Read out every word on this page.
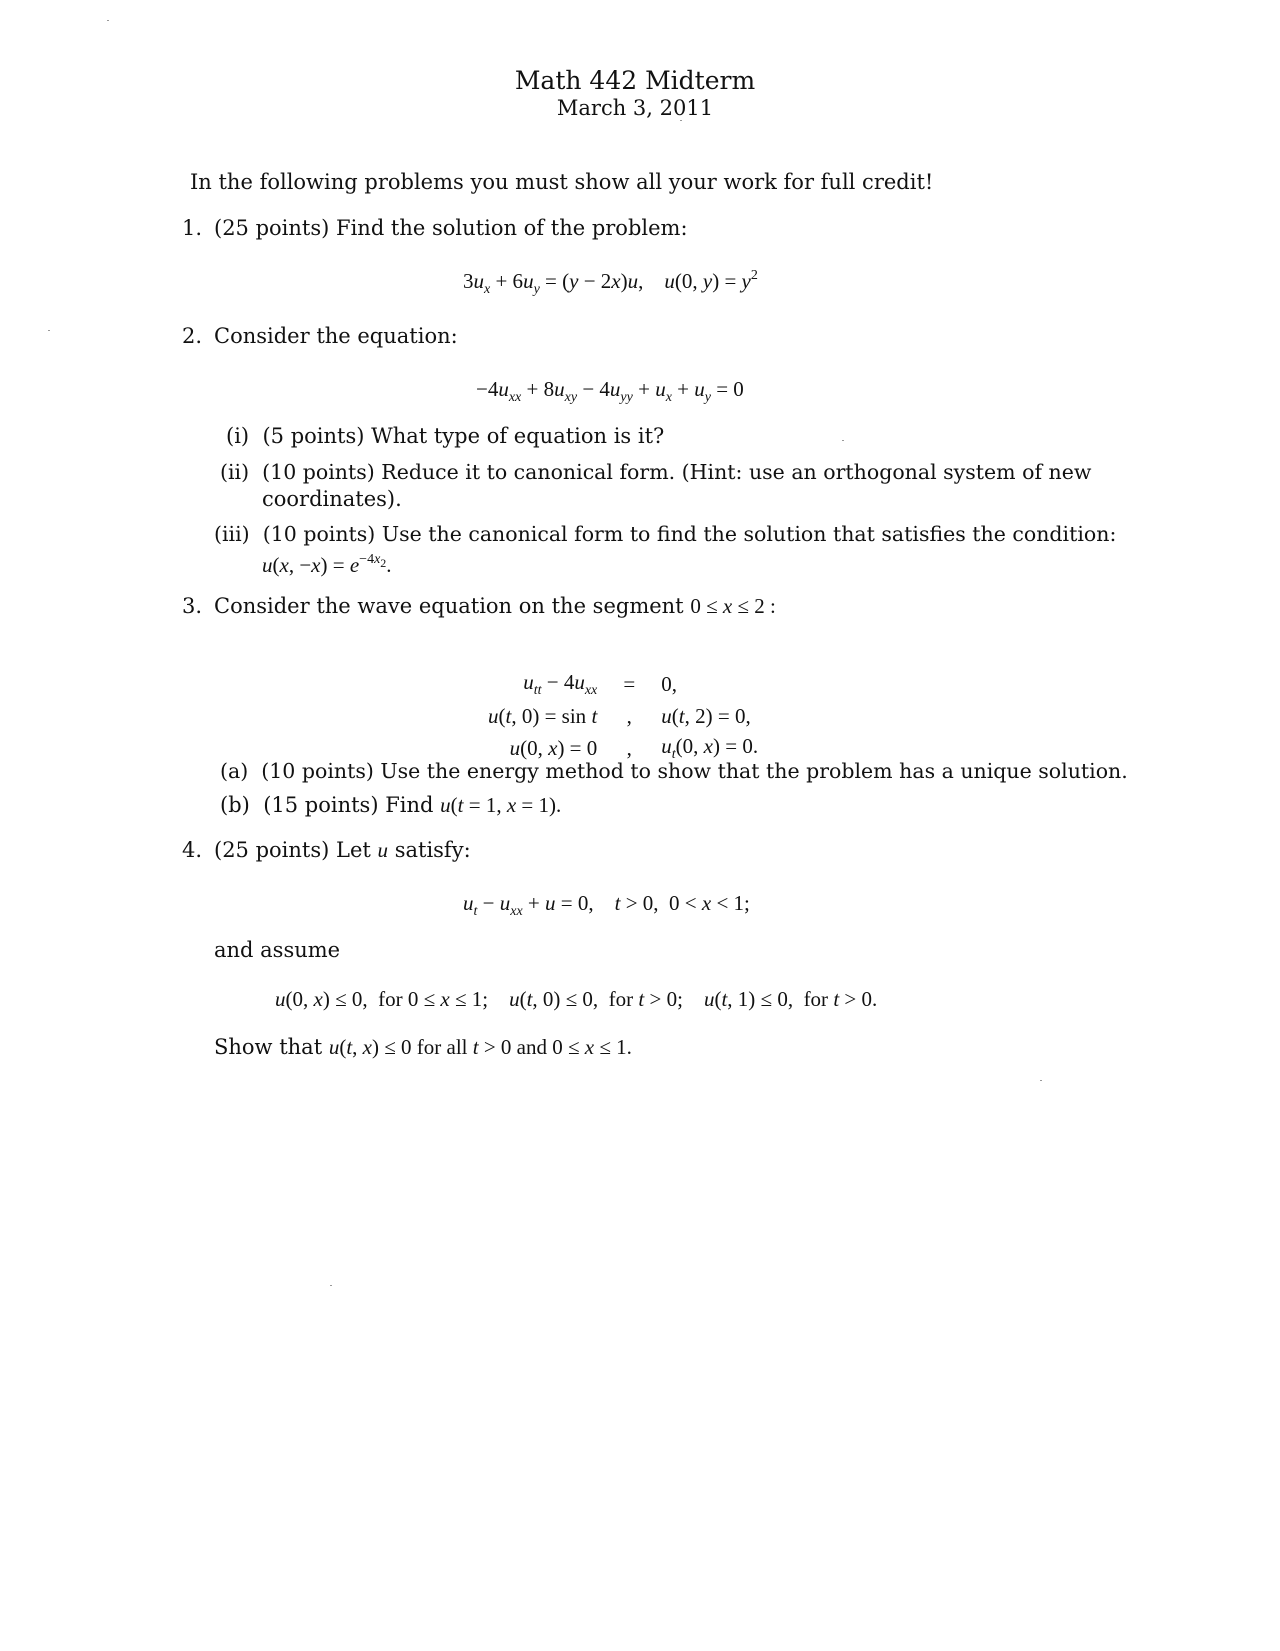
Math 442 Midterm
March 3, 2011
In the following problems you must show all your work for full credit!
1. (25 points) Find the solution of the problem:
$3u_x + 6u_y = (y - 2x)u$,    u(0, $y) = y^2$
2. Consider the equation:
$-4u_{xx} + 8u_{xy} - 4u_{yy} + u_x + u_y = 0$
(i) (5 points) What type of equation is it?
(ii) (10 points) Reduce it to canonical form. (Hint: use an orthogonal system of new
coordinates).
(iii) (10 points) Use the canonical form to find the solution that satisfies the condition:
u(x, $-x) = e^{-4x2}$.
3. Consider the wave equation on the segment 0 ≤ x ≤ 2 :
$u_{tt} - 4u_{xx}$	=	0,
u(t, 0) = sin t	,	u(t, 2) = 0,
u(0, x) = 0	,	$u_t(0$, x) = 0.
(a) (10 points) Use the energy method to show that the problem has a unique solution.
(b) (15 points) Find u(t = 1, x = 1).
4. (25 points) Let u satisfy:
$u_t - u_{xx} + u = 0$,    t > 0,  0 < x < 1;
and assume
u(0, x) ≤ 0,  for 0 ≤ x ≤ 1;    u(t, 0) ≤ 0,  for t > 0;    u(t, 1) ≤ 0,  for t > 0.
Show that u(t, x) ≤ 0 for all t > 0 and 0 ≤ x ≤ 1.
